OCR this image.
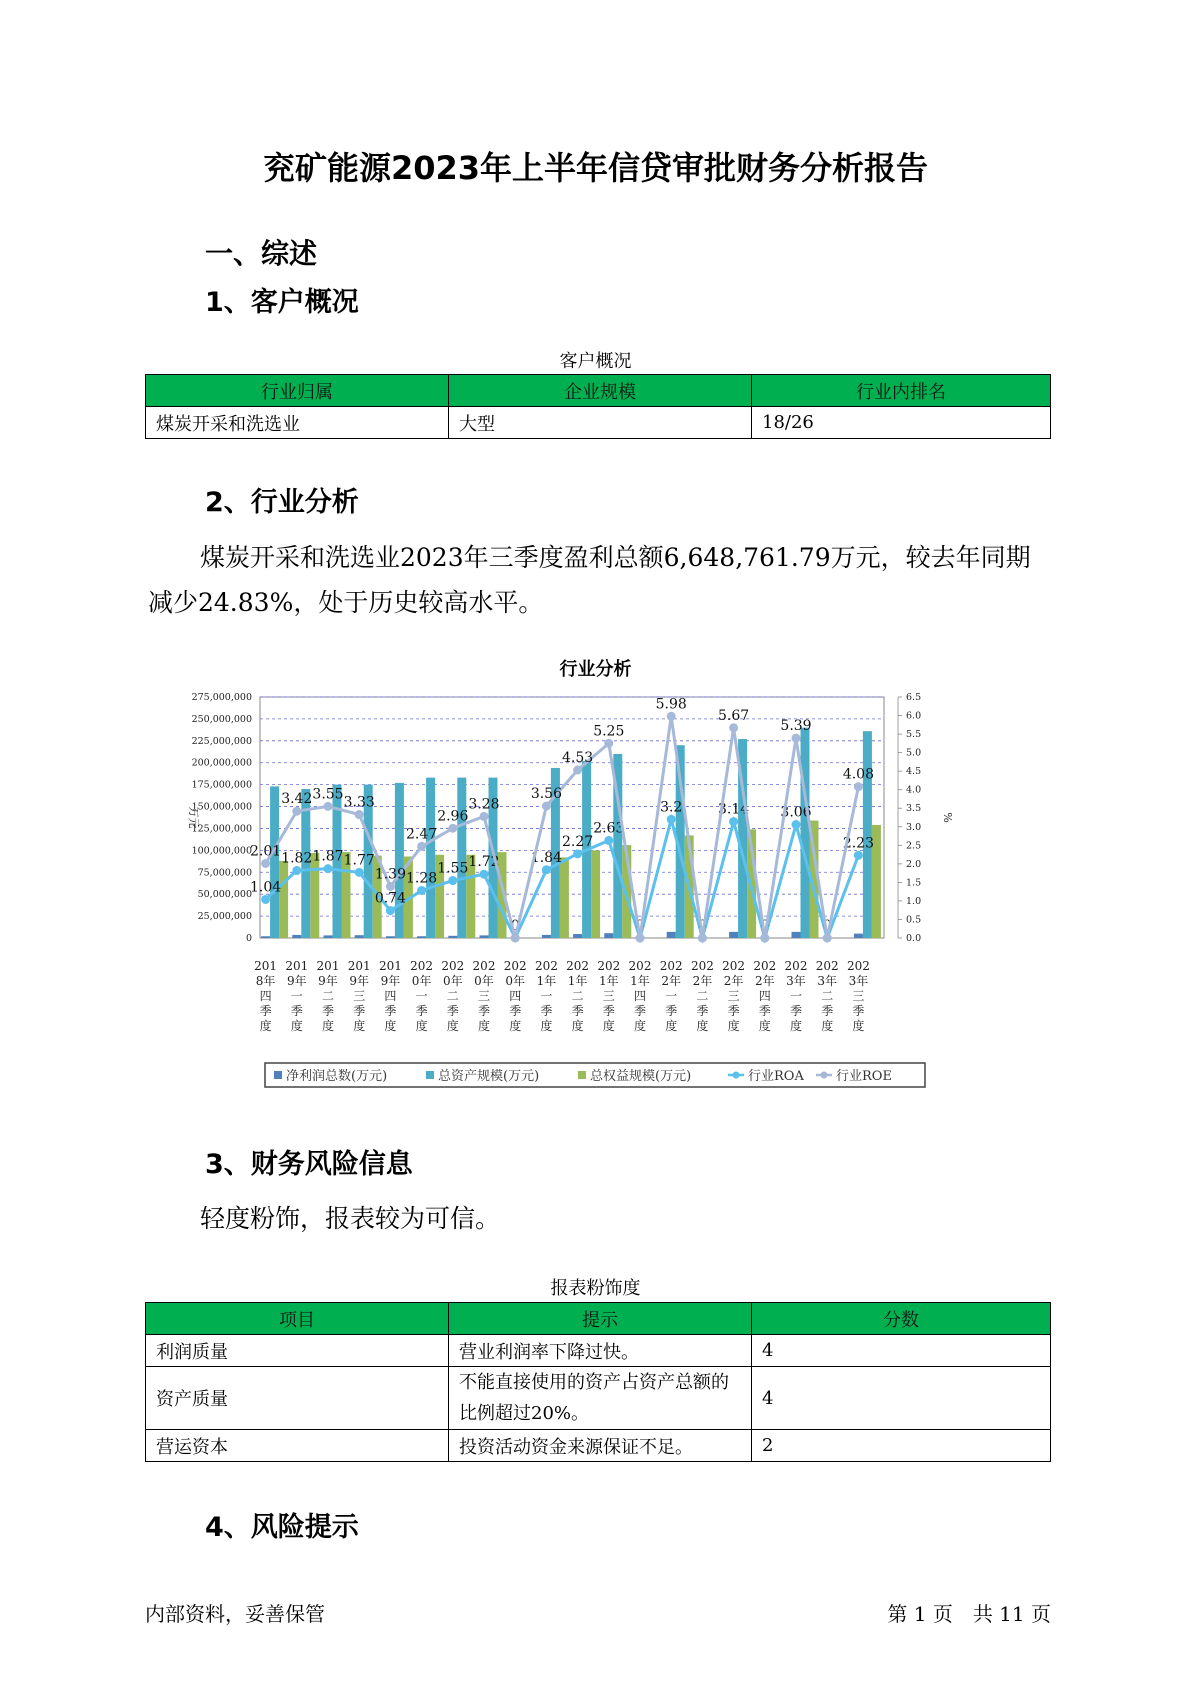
兖矿能源2023年上半年信贷审批财务分析报告
一、综述
1、客户概况
客户概况
行业归属	企业规模	行业内排名
煤炭开采和洗选业	大型	18/26
2、行业分析
煤炭开采和洗选业2023年三季度盈利总额6,648,761.79万元，较去年同期减少24.83%，处于历史较高水平。
行业分析
0
25,000,000
50,000,000
75,000,000
100,000,000
125,000,000
150,000,000
175,000,000
200,000,000
225,000,000
250,000,000
275,000,000
0.0
0.5
1.0
1.5
2.0
2.5
3.0
3.5
4.0
4.5
5.0
5.5
6.0
6.5
万元	%
1.04
1.82 1.87 1.77
0.74
1.28
1.55 1.72
0
1.84
2.27
2.63
0
3.2
0
3.14
0
3.06
0
2.23
2.01
3.42 3.55
3.33
1.39
2.47
2.96
3.28
3.56
4.53
5.25
5.98
5.67
5.39
4.08
201
8年
四
季
度
201
9年
一
季
度
201
9年
二
季
度
201
9年
三
季
度
201
9年
四
季
度
202
0年
一
季
度
202
0年
二
季
度
202
0年
三
季
度
202
0年
四
季
度
202
1年
一
季
度
202
1年
二
季
度
202
1年
三
季
度
202
1年
四
季
度
202
2年
一
季
度
202
2年
二
季
度
202
2年
三
季
度
202
2年
四
季
度
202
3年
一
季
度
202
3年
二
季
度
202
3年
三
季
度
净利润总数(万元)	总资产规模(万元)	总权益规模(万元)	行业ROA 行业ROE
3、财务风险信息
轻度粉饰，报表较为可信。
报表粉饰度
项目	提示	分数
利润质量	营业利润率下降过快。	4
资产质量	不能直接使用的资产占资产总额的比例超过20%。	4
营运资本	投资活动资金来源保证不足。	2
4、风险提示
内部资料，妥善保管	第 1 页　共 11 页
